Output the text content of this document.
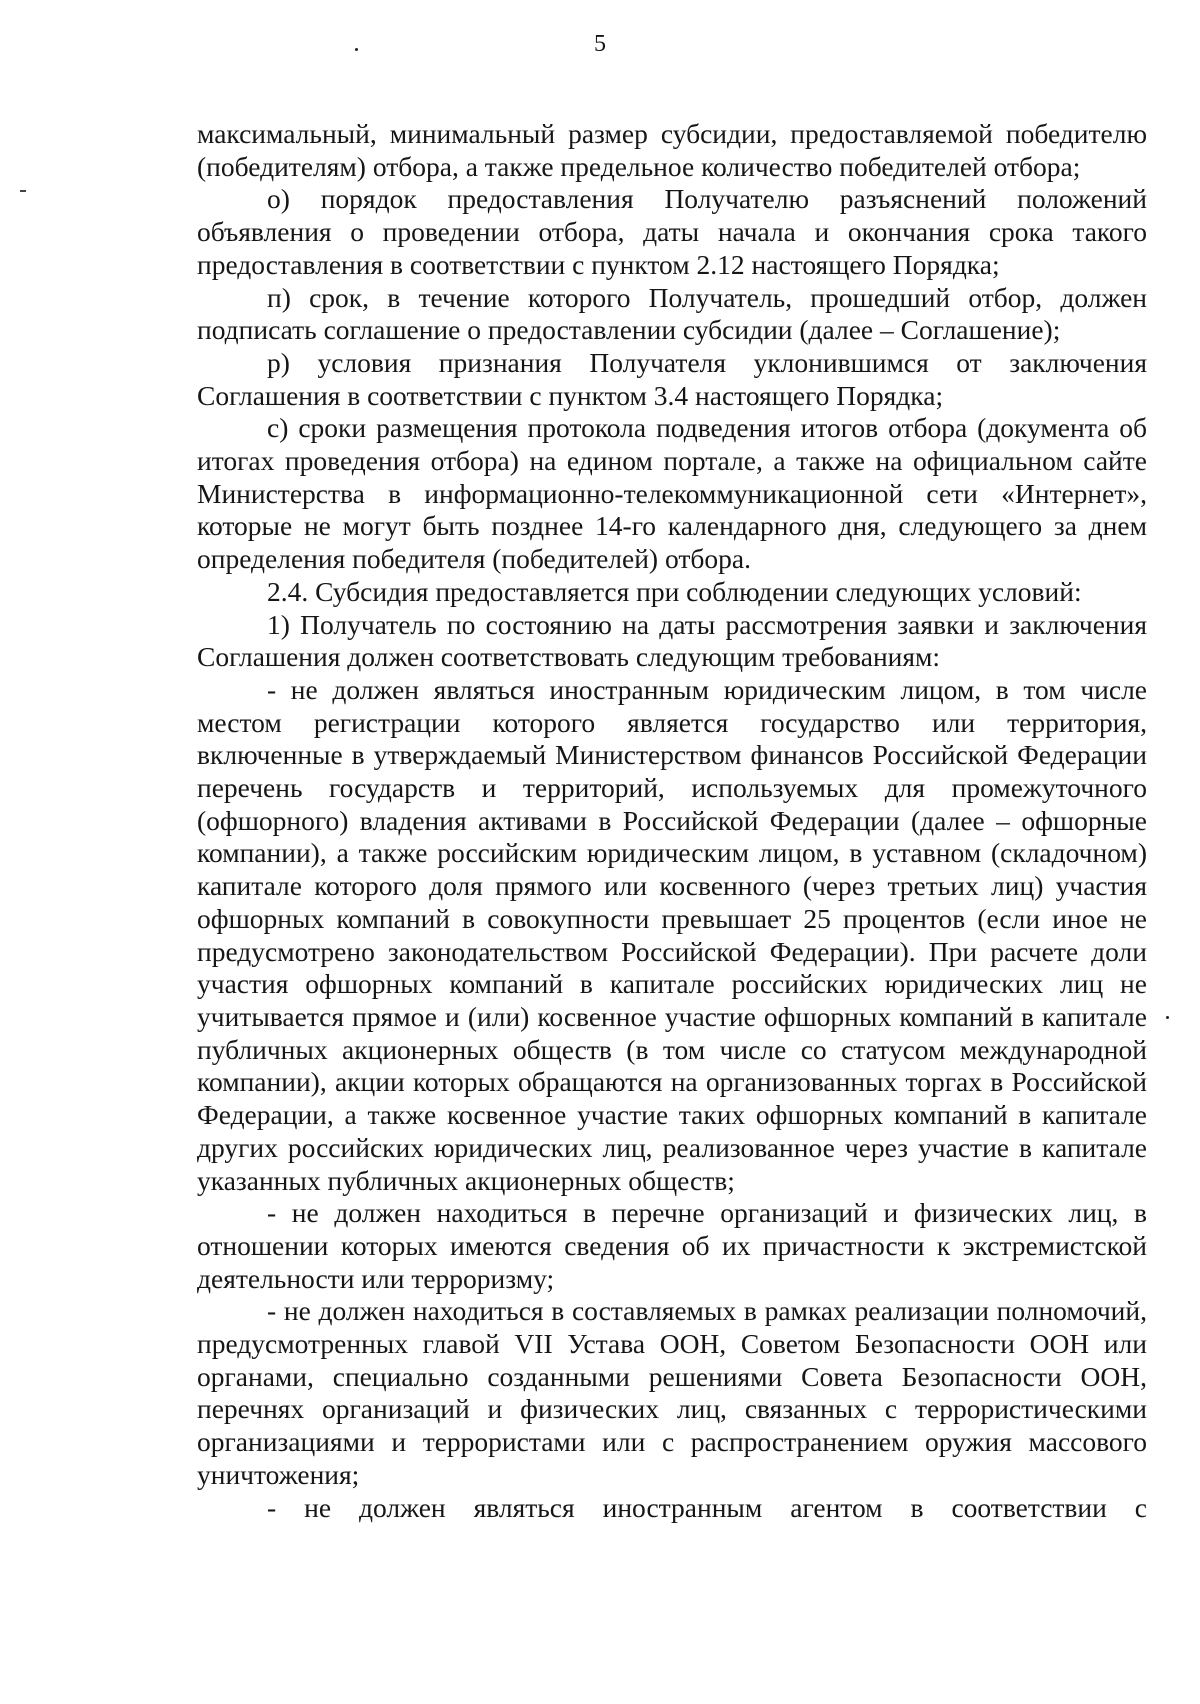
5

максимальный, минимальный размер субсидии, предоставляемой победителю (победителям) отбора, а также предельное количество победителей отбора;

о) порядок предоставления Получателю разъяснений положений объявления о проведении отбора, даты начала и окончания срока такого предоставления в соответствии с пунктом 2.12 настоящего Порядка;

п) срок, в течение которого Получатель, прошедший отбор, должен подписать соглашение о предоставлении субсидии (далее – Соглашение);

р) условия признания Получателя уклонившимся от заключения Соглашения в соответствии с пунктом 3.4 настоящего Порядка;

с) сроки размещения протокола подведения итогов отбора (документа об итогах проведения отбора) на едином портале, а также на официальном сайте Министерства в информационно-телекоммуникационной сети «Интернет», которые не могут быть позднее 14-го календарного дня, следующего за днем определения победителя (победителей) отбора.

2.4. Субсидия предоставляется при соблюдении следующих условий:

1) Получатель по состоянию на даты рассмотрения заявки и заключения Соглашения должен соответствовать следующим требованиям:

- не должен являться иностранным юридическим лицом, в том числе местом регистрации которого является государство или территория, включенные в утверждаемый Министерством финансов Российской Федерации перечень государств и территорий, используемых для промежуточного (офшорного) владения активами в Российской Федерации (далее – офшорные компании), а также российским юридическим лицом, в уставном (складочном) капитале которого доля прямого или косвенного (через третьих лиц) участия офшорных компаний в совокупности превышает 25 процентов (если иное не предусмотрено законодательством Российской Федерации). При расчете доли участия офшорных компаний в капитале российских юридических лиц не учитывается прямое и (или) косвенное участие офшорных компаний в капитале публичных акционерных обществ (в том числе со статусом международной компании), акции которых обращаются на организованных торгах в Российской Федерации, а также косвенное участие таких офшорных компаний в капитале других российских юридических лиц, реализованное через участие в капитале указанных публичных акционерных обществ;

- не должен находиться в перечне организаций и физических лиц, в отношении которых имеются сведения об их причастности к экстремистской деятельности или терроризму;

- не должен находиться в составляемых в рамках реализации полномочий, предусмотренных главой VII Устава ООН, Советом Безопасности ООН или органами, специально созданными решениями Совета Безопасности ООН, перечнях организаций и физических лиц, связанных с террористическими организациями и террористами или с распространением оружия массового уничтожения;

- не должен являться иностранным агентом в соответствии с
